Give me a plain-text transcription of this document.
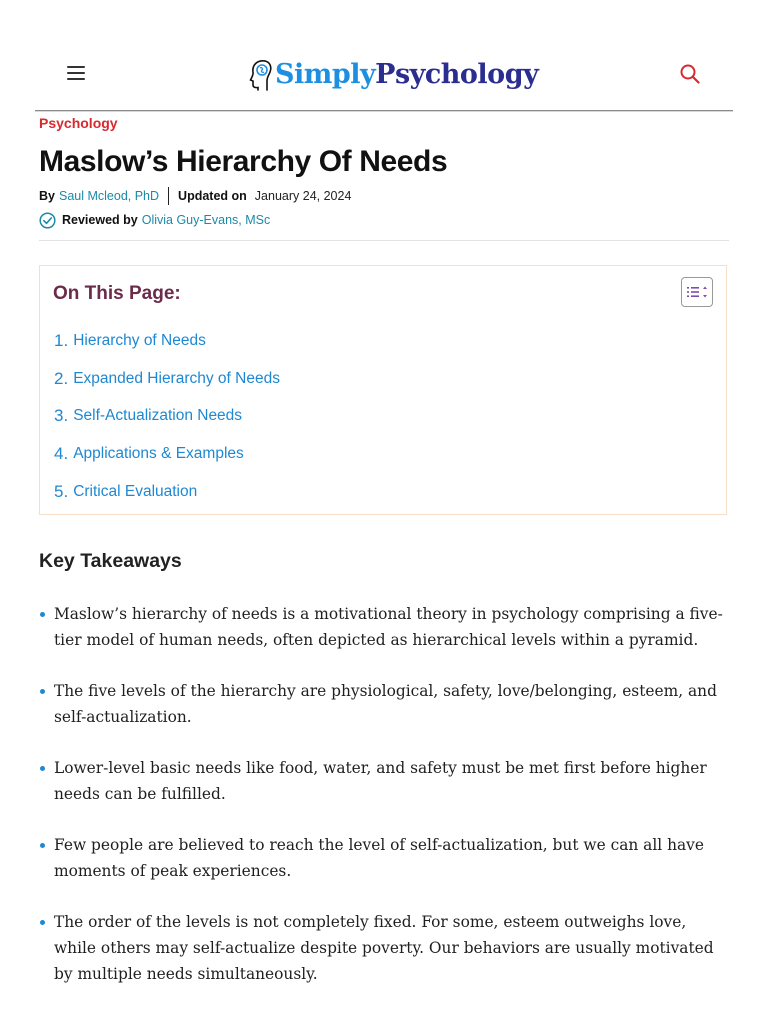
SimplyPsychology
Psychology
Maslow’s Hierarchy Of Needs
By Saul Mcleod, PhD Updated on January 24, 2024
Reviewed by Olivia Guy-Evans, MSc
On This Page:
1. Hierarchy of Needs
2. Expanded Hierarchy of Needs
3. Self-Actualization Needs
4. Applications & Examples
5. Critical Evaluation
Key Takeaways
Maslow’s hierarchy of needs is a motivational theory in psychology comprising a five-tier model of human needs, often depicted as hierarchical levels within a pyramid.
The five levels of the hierarchy are physiological, safety, love/belonging, esteem, and self-actualization.
Lower-level basic needs like food, water, and safety must be met first before higher needs can be fulfilled.
Few people are believed to reach the level of self-actualization, but we can all have moments of peak experiences.
The order of the levels is not completely fixed. For some, esteem outweighs love, while others may self-actualize despite poverty. Our behaviors are usually motivated by multiple needs simultaneously.
